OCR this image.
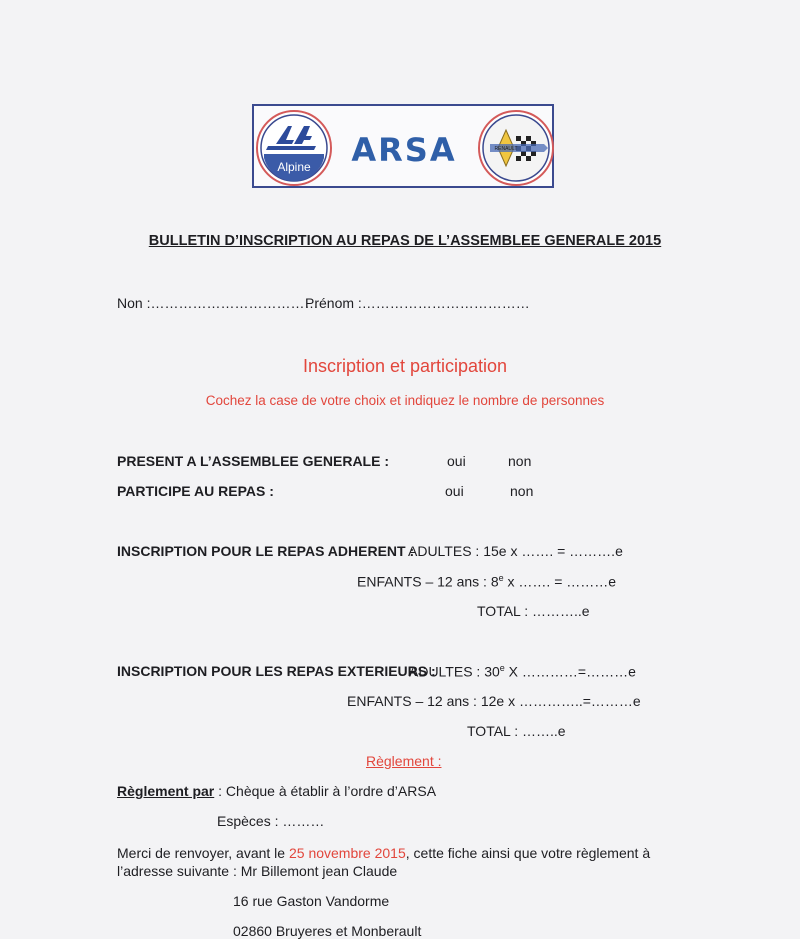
Alpine ARSA	RENAULT
BULLETIN D’INSCRIPTION AU REPAS DE L’ASSEMBLEE GENERALE 2015
Non :………………………………
Prénom :………………………………
Inscription et participation
Cochez la case de votre choix et indiquez le nombre de personnes
PRESENT A L’ASSEMBLEE GENERALE :	oui	non
PARTICIPE AU REPAS :	oui	non
INSCRIPTION POUR LE REPAS ADHERENT :
ADULTES : 15e x ……. = ……….e
ENFANTS – 12 ans : 8e x ……. = ………e
TOTAL : ………..e
INSCRIPTION POUR LES REPAS EXTERIEURS :
ADULTES : 30e X …………=………e
ENFANTS – 12 ans : 12e x …………..=………e
TOTAL : ……..e
Règlement :
Règlement par : Chèque à établir à l’ordre d’ARSA
Espèces : ………
Merci de renvoyer, avant le 25 novembre 2015, cette fiche ainsi que votre règlement à
l’adresse suivante : Mr Billemont jean Claude
16 rue Gaston Vandorme
02860 Bruyeres et Monberault
